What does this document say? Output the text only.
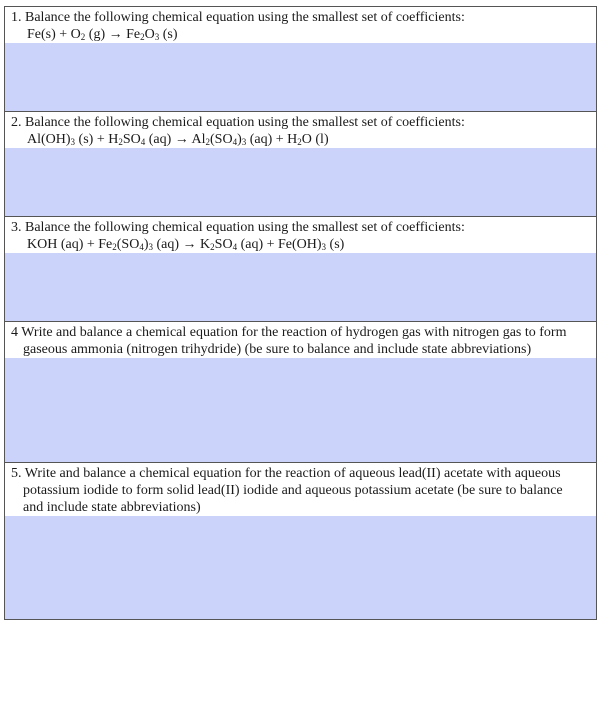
1. Balance the following chemical equation using the smallest set of coefficients:
$Fe(s) + O_2$ $(g) \to Fe_2O_3$ (s)
2. Balance the following chemical equation using the smallest set of coefficients:
$Al(OH)_3$ $(s) + H_2SO_4$ $(aq) \to Al_2(SO_4)_3$ $(aq) + H_2O$ (l)
3. Balance the following chemical equation using the smallest set of coefficients:
KOH $(aq) + Fe_2(SO_4)_3$ $(aq) \to K_2SO_4$ $(aq) + Fe(OH)_3$ (s)
4 Write and balance a chemical equation for the reaction of hydrogen gas with nitrogen gas to form gaseous ammonia (nitrogen trihydride) (be sure to balance and include state abbreviations)
5. Write and balance a chemical equation for the reaction of aqueous lead(II) acetate with aqueous potassium iodide to form solid lead(II) iodide and aqueous potassium acetate (be sure to balance and include state abbreviations)
